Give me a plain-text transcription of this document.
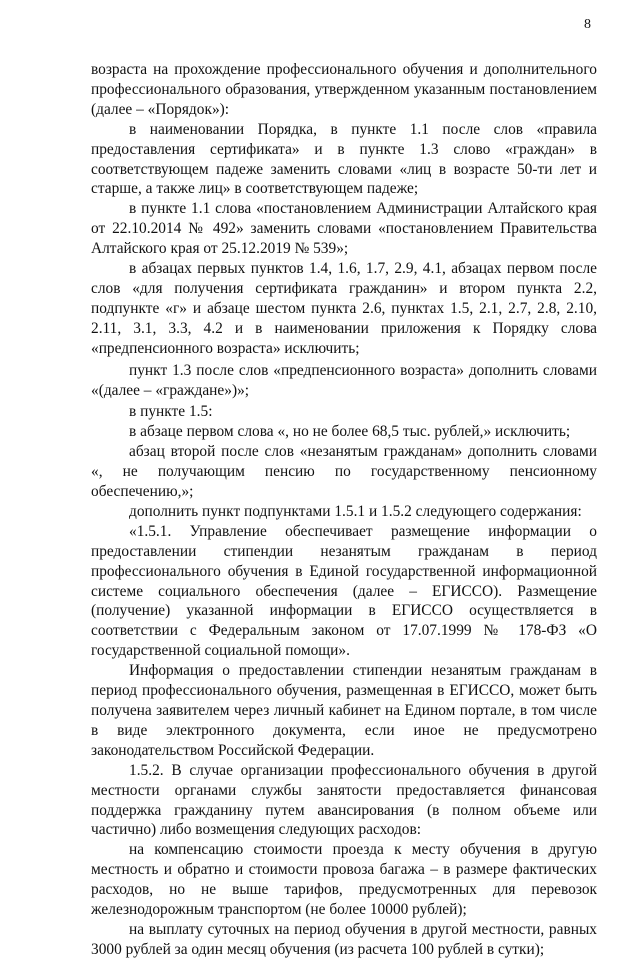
8

возраста на прохождение профессионального обучения и дополнительного профессионального образования, утвержденном указанным постановлением (далее – «Порядок»):

в наименовании Порядка, в пункте 1.1 после слов «правила предоставления сертификата» и в пункте 1.3 слово «граждан» в соответствующем падеже заменить словами «лиц в возрасте 50-ти лет и старше, а также лиц» в соответствующем падеже;

в пункте 1.1 слова «постановлением Администрации Алтайского края от 22.10.2014 № 492» заменить словами «постановлением Правительства Алтайского края от 25.12.2019 № 539»;

в абзацах первых пунктов 1.4, 1.6, 1.7, 2.9, 4.1, абзацах первом после слов «для получения сертификата гражданин» и втором пункта 2.2, подпункте «г» и абзаце шестом пункта 2.6, пунктах 1.5, 2.1, 2.7, 2.8, 2.10, 2.11, 3.1, 3.3, 4.2 и в наименовании приложения к Порядку слова «предпенсионного возраста» исключить;

пункт 1.3 после слов «предпенсионного возраста» дополнить словами «(далее – «граждане»)»;

в пункте 1.5:

в абзаце первом слова «, но не более 68,5 тыс. рублей,» исключить;

абзац второй после слов «незанятым гражданам» дополнить словами «, не получающим пенсию по государственному пенсионному обеспечению,»;

дополнить пункт подпунктами 1.5.1 и 1.5.2 следующего содержания:

«1.5.1. Управление обеспечивает размещение информации о предоставлении стипендии незанятым гражданам в период профессионального обучения в Единой государственной информационной системе социального обеспечения (далее – ЕГИССО). Размещение (получение) указанной информации в ЕГИССО осуществляется в соответствии с Федеральным законом от 17.07.1999 № 178-ФЗ «О государственной социальной помощи».

Информация о предоставлении стипендии незанятым гражданам в период профессионального обучения, размещенная в ЕГИССО, может быть получена заявителем через личный кабинет на Едином портале, в том числе в виде электронного документа, если иное не предусмотрено законодательством Российской Федерации.

1.5.2. В случае организации профессионального обучения в другой местности органами службы занятости предоставляется финансовая поддержка гражданину путем авансирования (в полном объеме или частично) либо возмещения следующих расходов:

на компенсацию стоимости проезда к месту обучения в другую местность и обратно и стоимости провоза багажа – в размере фактических расходов, но не выше тарифов, предусмотренных для перевозок железнодорожным транспортом (не более 10000 рублей);

на выплату суточных на период обучения в другой местности, равных 3000 рублей за один месяц обучения (из расчета 100 рублей в сутки);
